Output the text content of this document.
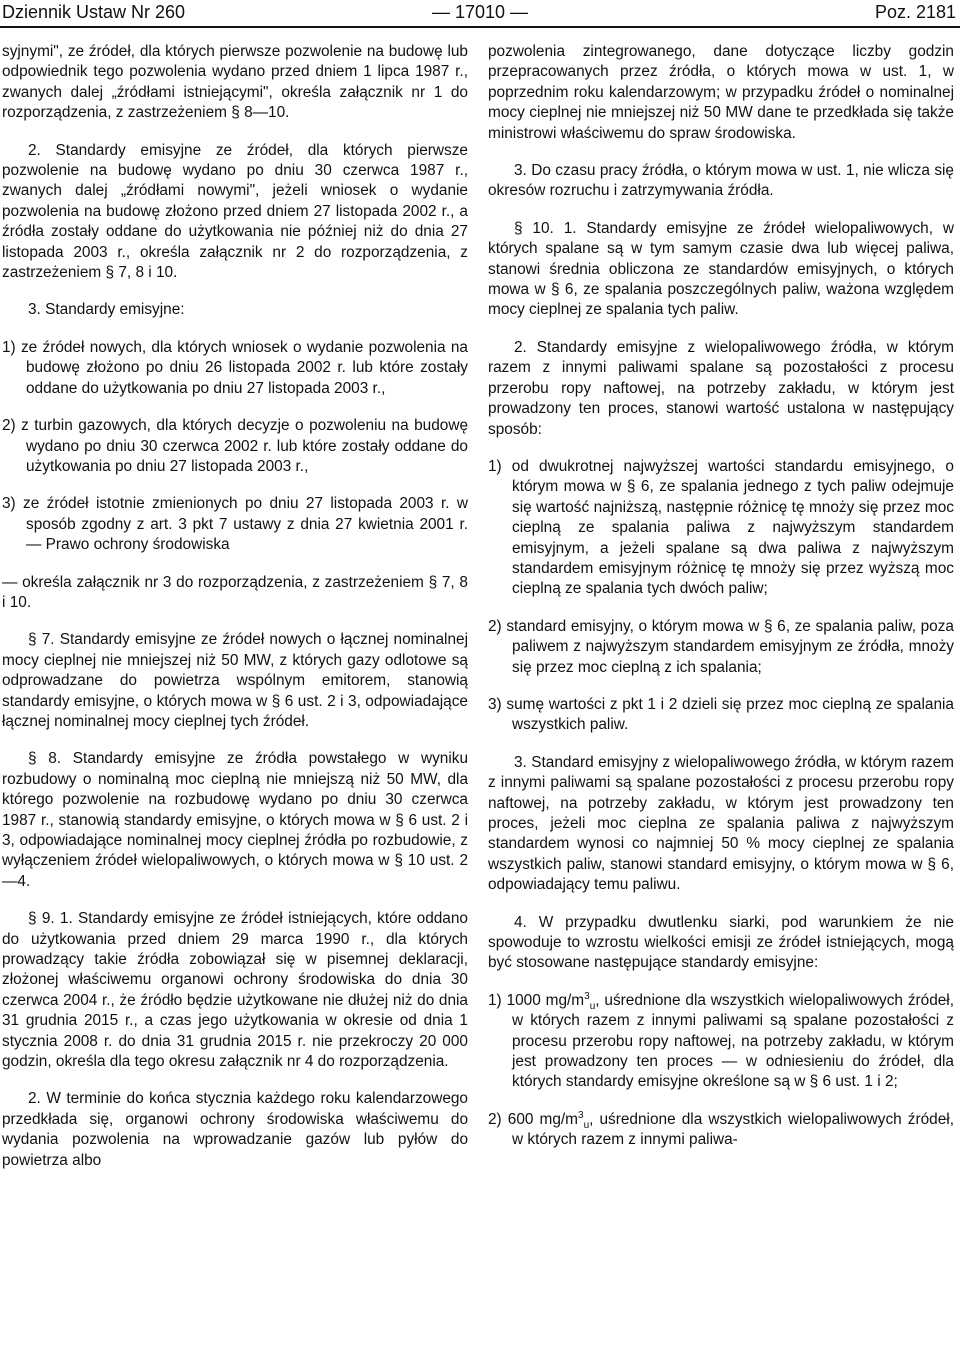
Dziennik Ustaw Nr 260	— 17010 —	Poz. 2181

syjnymi", ze źródeł, dla których pierwsze pozwolenie na budowę lub odpowiednik tego pozwolenia wydano przed dniem 1 lipca 1987 r., zwanych dalej „źródłami istniejącymi", określa załącznik nr 1 do rozporządzenia, z zastrzeżeniem § 8—10.

2. Standardy emisyjne ze źródeł, dla których pierwsze pozwolenie na budowę wydano po dniu 30 czerwca 1987 r., zwanych dalej „źródłami nowymi", jeżeli wniosek o wydanie pozwolenia na budowę złożono przed dniem 27 listopada 2002 r., a źródła zostały oddane do użytkowania nie później niż do dnia 27 listopada 2003 r., określa załącznik nr 2 do rozporządzenia, z zastrzeżeniem § 7, 8 i 10.

3. Standardy emisyjne:

1) ze źródeł nowych, dla których wniosek o wydanie pozwolenia na budowę złożono po dniu 26 listopada 2002 r. lub które zostały oddane do użytkowania po dniu 27 listopada 2003 r.,

2) z turbin gazowych, dla których decyzje o pozwoleniu na budowę wydano po dniu 30 czerwca 2002 r. lub które zostały oddane do użytkowania po dniu 27 listopada 2003 r.,

3) ze źródeł istotnie zmienionych po dniu 27 listopada 2003 r. w sposób zgodny z art. 3 pkt 7 ustawy z dnia 27 kwietnia 2001 r. — Prawo ochrony środowiska

— określa załącznik nr 3 do rozporządzenia, z zastrzeżeniem § 7, 8 i 10.

§ 7. Standardy emisyjne ze źródeł nowych o łącznej nominalnej mocy cieplnej nie mniejszej niż 50 MW, z których gazy odlotowe są odprowadzane do powietrza wspólnym emitorem, stanowią standardy emisyjne, o których mowa w § 6 ust. 2 i 3, odpowiadające łącznej nominalnej mocy cieplnej tych źródeł.

§ 8. Standardy emisyjne ze źródła powstałego w wyniku rozbudowy o nominalną moc cieplną nie mniejszą niż 50 MW, dla którego pozwolenie na rozbudowę wydano po dniu 30 czerwca 1987 r., stanowią standardy emisyjne, o których mowa w § 6 ust. 2 i 3, odpowiadające nominalnej mocy cieplnej źródła po rozbudowie, z wyłączeniem źródeł wielopaliwowych, o których mowa w § 10 ust. 2—4.

§ 9. 1. Standardy emisyjne ze źródeł istniejących, które oddano do użytkowania przed dniem 29 marca 1990 r., dla których prowadzący takie źródła zobowiązał się w pisemnej deklaracji, złożonej właściwemu organowi ochrony środowiska do dnia 30 czerwca 2004 r., że źródło będzie użytkowane nie dłużej niż do dnia 31 grudnia 2015 r., a czas jego użytkowania w okresie od dnia 1 stycznia 2008 r. do dnia 31 grudnia 2015 r. nie przekroczy 20 000 godzin, określa dla tego okresu załącznik nr 4 do rozporządzenia.

2. W terminie do końca stycznia każdego roku kalendarzowego przedkłada się, organowi ochrony środowiska właściwemu do wydania pozwolenia na wprowadzanie gazów lub pyłów do powietrza albo

pozwolenia zintegrowanego, dane dotyczące liczby godzin przepracowanych przez źródła, o których mowa w ust. 1, w poprzednim roku kalendarzowym; w przypadku źródeł o nominalnej mocy cieplnej nie mniejszej niż 50 MW dane te przedkłada się także ministrowi właściwemu do spraw środowiska.

3. Do czasu pracy źródła, o którym mowa w ust. 1, nie wlicza się okresów rozruchu i zatrzymywania źródła.

§ 10. 1. Standardy emisyjne ze źródeł wielopaliwowych, w których spalane są w tym samym czasie dwa lub więcej paliwa, stanowi średnia obliczona ze standardów emisyjnych, o których mowa w § 6, ze spalania poszczególnych paliw, ważona względem mocy cieplnej ze spalania tych paliw.

2. Standardy emisyjne z wielopaliwowego źródła, w którym razem z innymi paliwami spalane są pozostałości z procesu przerobu ropy naftowej, na potrzeby zakładu, w którym jest prowadzony ten proces, stanowi wartość ustalona w następujący sposób:

1) od dwukrotnej najwyższej wartości standardu emisyjnego, o którym mowa w § 6, ze spalania jednego z tych paliw odejmuje się wartość najniższą, następnie różnicę tę mnoży się przez moc cieplną ze spalania paliwa z najwyższym standardem emisyjnym, a jeżeli spalane są dwa paliwa z najwyższym standardem emisyjnym różnicę tę mnoży się przez wyższą moc cieplną ze spalania tych dwóch paliw;

2) standard emisyjny, o którym mowa w § 6, ze spalania paliw, poza paliwem z najwyższym standardem emisyjnym ze źródła, mnoży się przez moc cieplną z ich spalania;

3) sumę wartości z pkt 1 i 2 dzieli się przez moc cieplną ze spalania wszystkich paliw.

3. Standard emisyjny z wielopaliwowego źródła, w którym razem z innymi paliwami są spalane pozostałości z procesu przerobu ropy naftowej, na potrzeby zakładu, w którym jest prowadzony ten proces, jeżeli moc cieplna ze spalania paliwa z najwyższym standardem wynosi co najmniej 50 % mocy cieplnej ze spalania wszystkich paliw, stanowi standard emisyjny, o którym mowa w § 6, odpowiadający temu paliwu.

4. W przypadku dwutlenku siarki, pod warunkiem że nie spowoduje to wzrostu wielkości emisji ze źródeł istniejących, mogą być stosowane następujące standardy emisyjne:

1) 1000 $mg/m^3_u$, uśrednione dla wszystkich wielopaliwowych źródeł, w których razem z innymi paliwami są spalane pozostałości z procesu przerobu ropy naftowej, na potrzeby zakładu, w którym jest prowadzony ten proces — w odniesieniu do źródeł, dla których standardy emisyjne określone są w § 6 ust. 1 i 2;

2) 600 $mg/m^3_u$, uśrednione dla wszystkich wielopaliwowych źródeł, w których razem z innymi paliwa-
